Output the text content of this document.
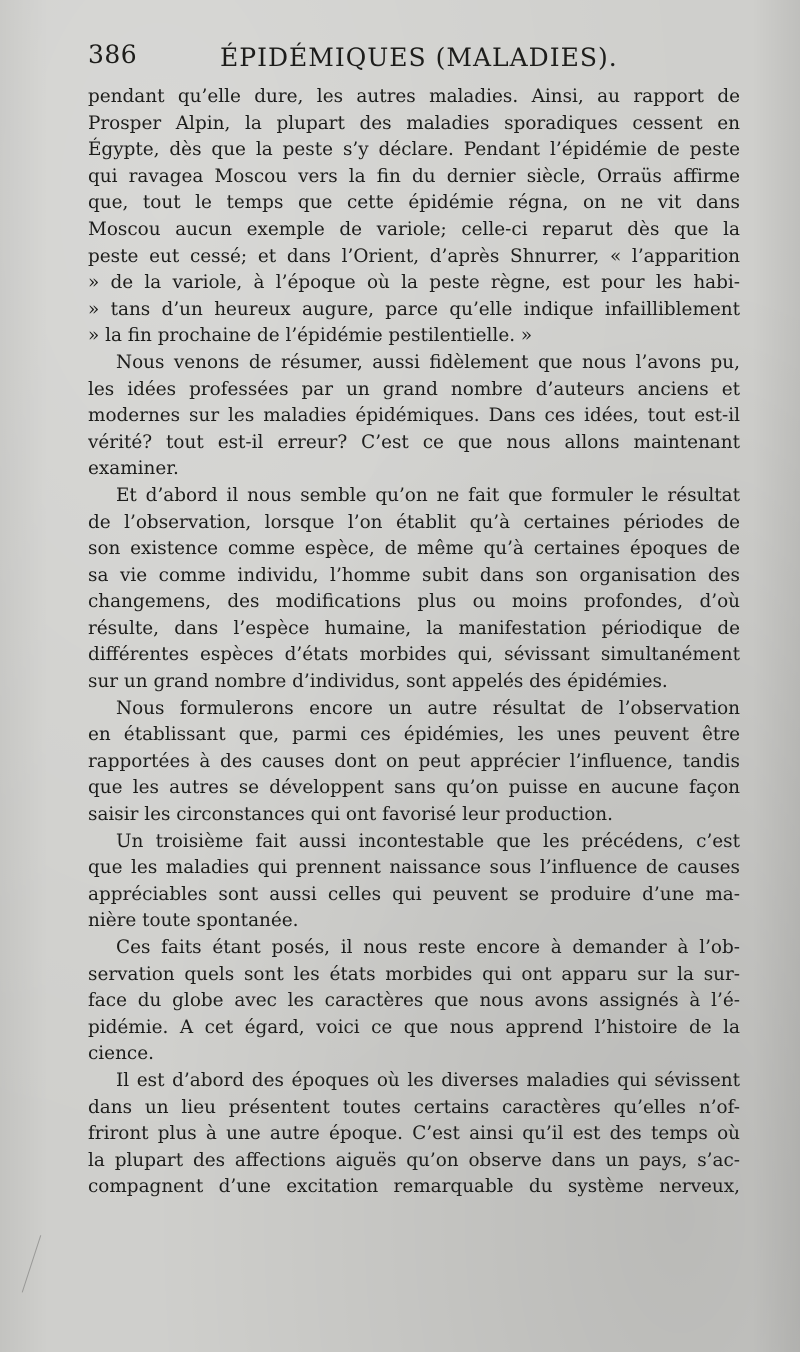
386	ÉPIDÉMIQUES (MALADIES).
pendant qu’elle dure, les autres maladies. Ainsi, au rapport de
Prosper Alpin, la plupart des maladies sporadiques cessent en
Égypte, dès que la peste s’y déclare. Pendant l’épidémie de peste
qui ravagea Moscou vers la fin du dernier siècle, Orraüs affirme
que, tout le temps que cette épidémie régna, on ne vit dans
Moscou aucun exemple de variole; celle-ci reparut dès que la
peste eut cessé; et dans l’Orient, d’après Shnurrer, « l’apparition
» de la variole, à l’époque où la peste règne, est pour les habi-
» tans d’un heureux augure, parce qu’elle indique infailliblement
» la fin prochaine de l’épidémie pestilentielle. »
Nous venons de résumer, aussi fidèlement que nous l’avons pu,
les idées professées par un grand nombre d’auteurs anciens et
modernes sur les maladies épidémiques. Dans ces idées, tout est-il
vérité? tout est-il erreur? C’est ce que nous allons maintenant
examiner.
Et d’abord il nous semble qu’on ne fait que formuler le résultat
de l’observation, lorsque l’on établit qu’à certaines périodes de
son existence comme espèce, de même qu’à certaines époques de
sa vie comme individu, l’homme subit dans son organisation des
changemens, des modifications plus ou moins profondes, d’où
résulte, dans l’espèce humaine, la manifestation périodique de
différentes espèces d’états morbides qui, sévissant simultanément
sur un grand nombre d’individus, sont appelés des épidémies.
Nous formulerons encore un autre résultat de l’observation
en établissant que, parmi ces épidémies, les unes peuvent être
rapportées à des causes dont on peut apprécier l’influence, tandis
que les autres se développent sans qu’on puisse en aucune façon
saisir les circonstances qui ont favorisé leur production.
Un troisième fait aussi incontestable que les précédens, c’est
que les maladies qui prennent naissance sous l’influence de causes
appréciables sont aussi celles qui peuvent se produire d’une ma-
nière toute spontanée.
Ces faits étant posés, il nous reste encore à demander à l’ob-
servation quels sont les états morbides qui ont apparu sur la sur-
face du globe avec les caractères que nous avons assignés à l’é-
pidémie. A cet égard, voici ce que nous apprend l’histoire de la
cience.
Il est d’abord des époques où les diverses maladies qui sévissent
dans un lieu présentent toutes certains caractères qu’elles n’of-
friront plus à une autre époque. C’est ainsi qu’il est des temps où
la plupart des affections aiguës qu’on observe dans un pays, s’ac-
compagnent d’une excitation remarquable du système nerveux,
